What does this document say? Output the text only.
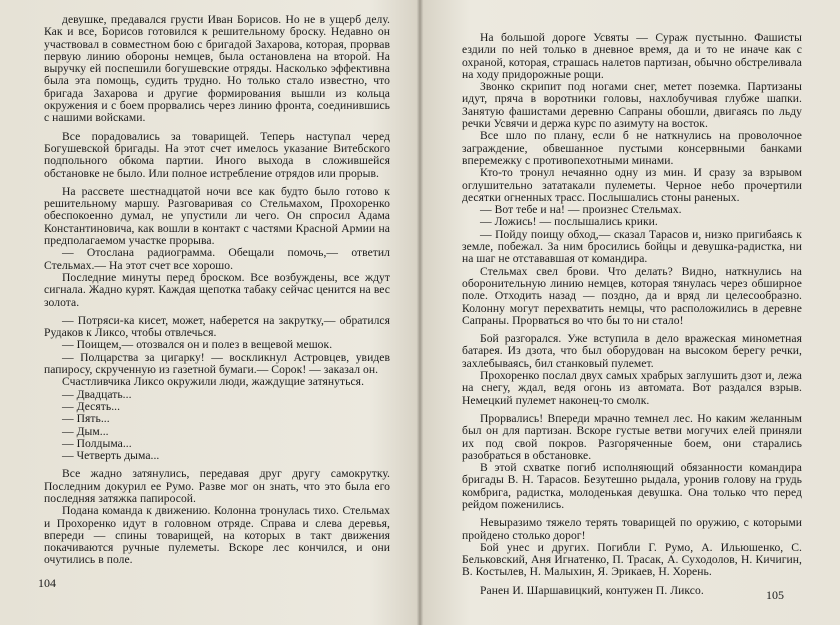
девушке, предавался грусти Иван Борисов. Но не в ущерб делу. Как и все, Борисов готовился к решительному броску. Недавно он участвовал в совместном бою с бригадой Захарова, которая, прорвав первую линию обороны немцев, была остановлена на второй. На выручку ей поспешили богушевские отряды. Насколько эффективна была эта помощь, судить трудно. Но только стало известно, что бригада Захарова и другие формирования вышли из кольца окружения и с боем прорвались через линию фронта, соединившись с нашими войсками.

Все порадовались за товарищей. Теперь наступал черед Богушевской бригады. На этот счет имелось указание Витебского подпольного обкома партии. Иного выхода в сложившейся обстановке не было. Или полное истребление отрядов или прорыв.

На рассвете шестнадцатой ночи все как будто было готово к решительному маршу. Разговаривая со Стельмахом, Прохоренко обеспокоенно думал, не упустили ли чего. Он спросил Адама Константиновича, как вошли в контакт с частями Красной Армии на предполагаемом участке прорыва.

— Отослана радиограмма. Обещали помочь,— ответил Стельмах.— На этот счет все хорошо.

Последние минуты перед броском. Все возбуждены, все ждут сигнала. Жадно курят. Каждая щепотка табаку сейчас ценится на вес золота.

— Потряси-ка кисет, может, наберется на закрутку,— обратился Рудаков к Ликсо, чтобы отвлечься.

— Поищем,— отозвался он и полез в вещевой мешок.

— Полцарства за цигарку! — воскликнул Астровцев, увидев папиросу, скрученную из газетной бумаги.— Сорок! — заказал он.

Счастливчика Ликсо окружили люди, жаждущие затянуться.

— Двадцать...

— Десять...

— Пять...

— Дым...

— Полдыма...

— Четверть дыма...

Все жадно затянулись, передавая друг другу самокрутку. Последним докурил ее Румо. Разве мог он знать, что это была его последняя затяжка папиросой.

Подана команда к движению. Колонна тронулась тихо. Стельмах и Прохоренко идут в головном отряде. Справа и слева деревья, впереди — спины товарищей, на которых в такт движения покачиваются ручные пулеметы. Вскоре лес кончился, и они очутились в поле.

104

На большой дороге Усвяты — Сураж пустынно. Фашисты ездили по ней только в дневное время, да и то не иначе как с охраной, которая, страшась налетов партизан, обычно обстреливала на ходу придорожные рощи.

Звонко скрипит под ногами снег, метет поземка. Партизаны идут, пряча в воротники головы, нахлобучивая глубже шапки. Занятую фашистами деревню Сапраны обошли, двигаясь по льду речки Усвячи и держа курс по азимуту на восток.

Все шло по плану, если б не наткнулись на проволочное заграждение, обвешанное пустыми консервными банками вперемежку с противопехотными минами.

Кто-то тронул нечаянно одну из мин. И сразу за взрывом оглушительно зататакали пулеметы. Черное небо прочертили десятки огненных трасс. Послышались стоны раненых.

— Вот тебе и на! — произнес Стельмах.

— Ложись! — послышались крики.

— Пойду поищу обход,— сказал Тарасов и, низко пригибаясь к земле, побежал. За ним бросились бойцы и девушка-радистка, ни на шаг не отстававшая от командира.

Стельмах свел брови. Что делать? Видно, наткнулись на оборонительную линию немцев, которая тянулась через обширное поле. Отходить назад — поздно, да и вряд ли целесообразно. Колонну могут перехватить немцы, что расположились в деревне Сапраны. Прорваться во что бы то ни стало!

Бой разгорался. Уже вступила в дело вражеская минометная батарея. Из дзота, что был оборудован на высоком берегу речки, захлебываясь, бил станковый пулемет.

Прохоренко послал двух самых храбрых заглушить дзот и, лежа на снегу, ждал, ведя огонь из автомата. Вот раздался взрыв. Немецкий пулемет наконец-то смолк.

Прорвались! Впереди мрачно темнел лес. Но каким желанным был он для партизан. Вскоре густые ветви могучих елей приняли их под свой покров. Разгоряченные боем, они старались разобраться в обстановке.

В этой схватке погиб исполняющий обязанности командира бригады В. Н. Тарасов. Безутешно рыдала, уронив голову на грудь комбрига, радистка, молоденькая девушка. Она только что перед рейдом поженились.

Невыразимо тяжело терять товарищей по оружию, с которыми пройдено столько дорог!

Бой унес и других. Погибли Г. Румо, А. Ильюшенко, С. Бельковский, Аня Игнатенко, П. Трасак, А. Суходолов, Н. Кичигин, В. Костылев, Н. Малыхин, Я. Эрикаев, Н. Хорень.

Ранен И. Шаршавицкий, контужен П. Ликсо.	105
